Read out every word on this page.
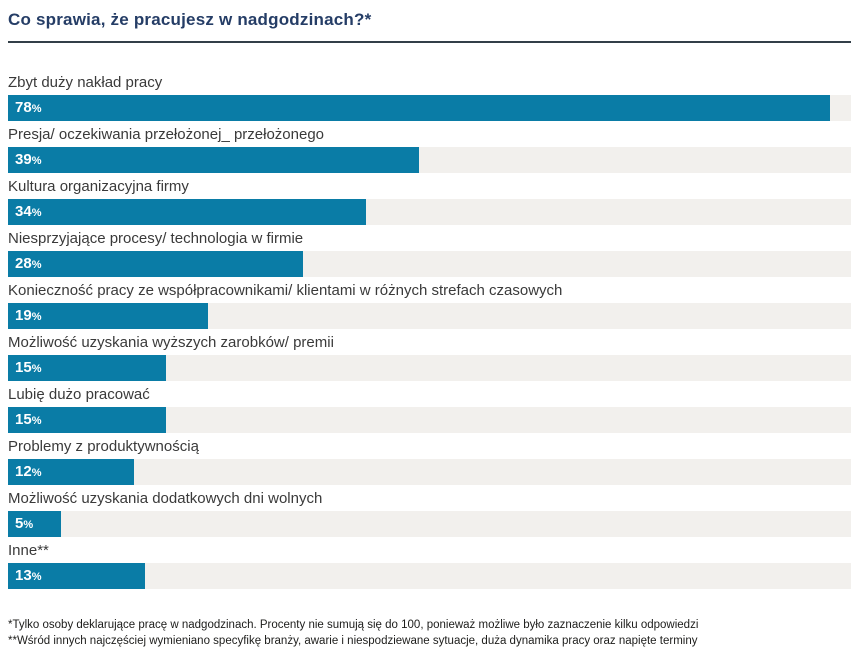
Co sprawia, że pracujesz w nadgodzinach?*
Zbyt duży nakład pracy
78%
Presja/ oczekiwania przełożonej_ przełożonego
39%
Kultura organizacyjna firmy
34%
Niesprzyjające procesy/ technologia w firmie
28%
Konieczność pracy ze współpracownikami/ klientami w różnych strefach czasowych
19%
Możliwość uzyskania wyższych zarobków/ premii
15%
Lubię dużo pracować
15%
Problemy z produktywnością
12%
Możliwość uzyskania dodatkowych dni wolnych
5%
Inne**
13%

*Tylko osoby deklarujące pracę w nadgodzinach. Procenty nie sumują się do 100, ponieważ możliwe było zaznaczenie kilku odpowiedzi

**Wśród innych najczęściej wymieniano specyfikę branży, awarie i niespodziewane sytuacje, duża dynamika pracy oraz napięte terminy
